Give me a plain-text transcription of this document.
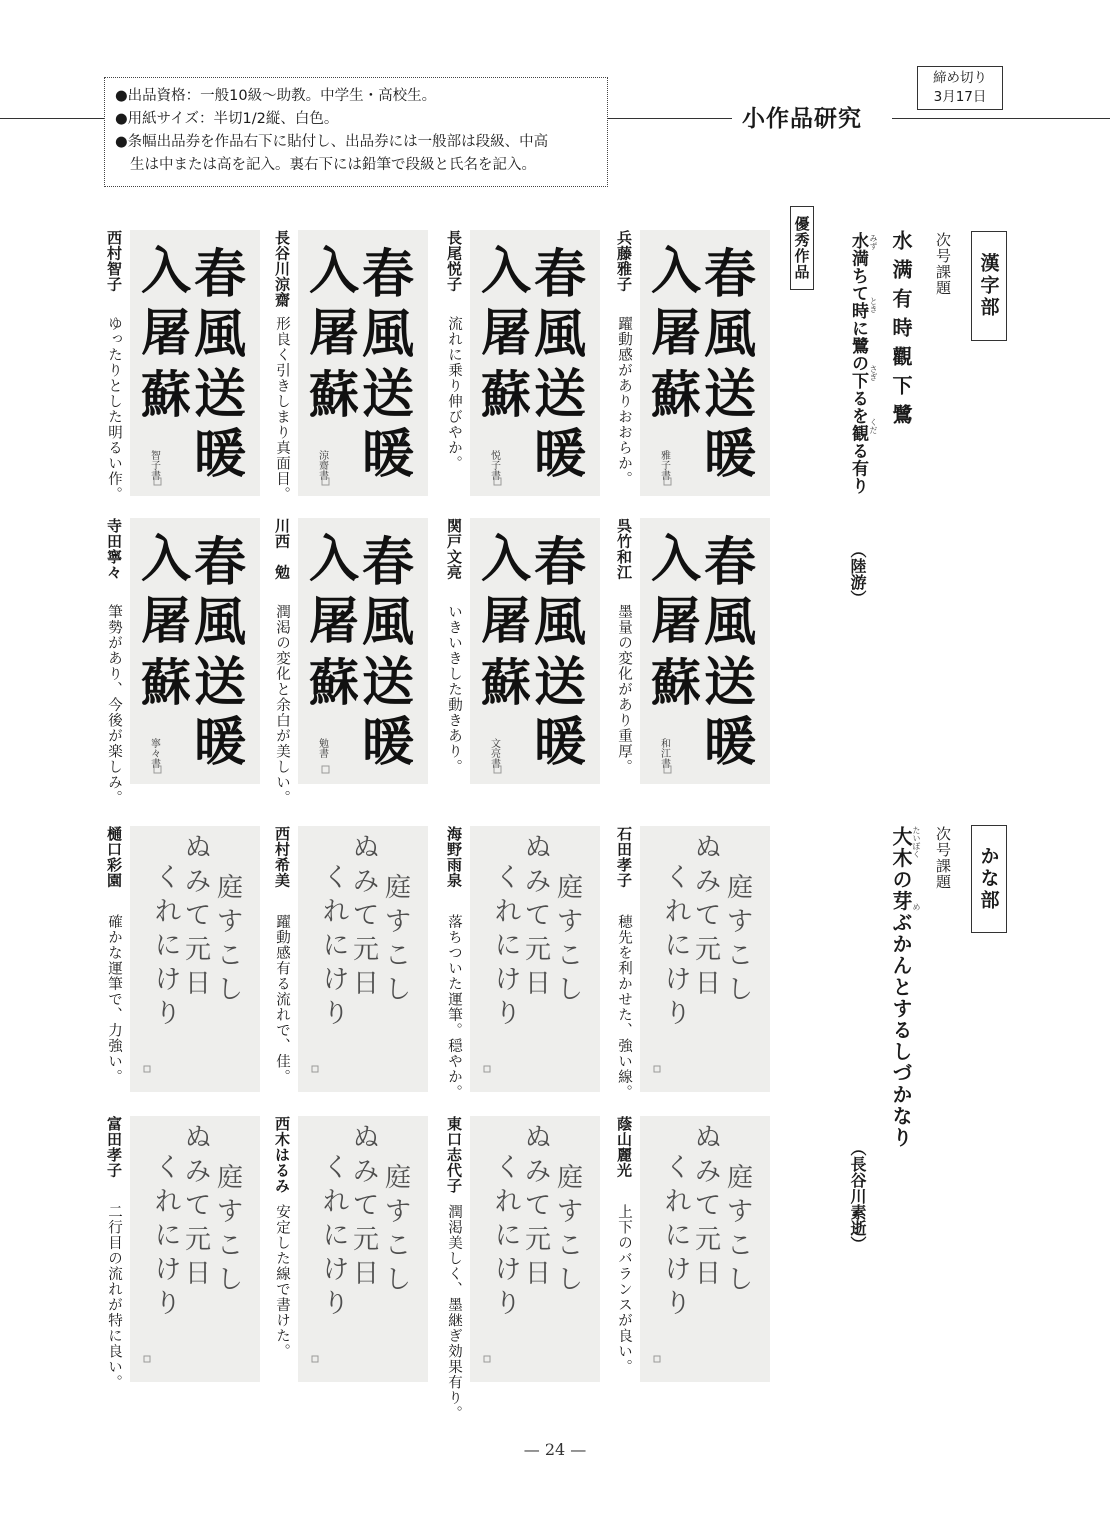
●出品資格：一般10級～助教。中学生・高校生。

●用紙サイズ：半切1/2縦、白色。

●条幅出品券を作品右下に貼付し、出品券には一般部は段級、中高

生は中または高を記入。裏右下には鉛筆で段級と氏名を記入。

小作品研究
締め切り
3月17日
漢字部
次号課題
水满有時觀下鷺
水満ちて時に鷺の下るを観る有り
（陸游）
みず
とき
さぎ
くだ
優秀作品
かな部
次号課題
大木の芽ぶかんとするしづかなり たいぼく
め
（長谷川素逝）
春
風
送
暖
入
屠
蘇
雅子書
兵藤雅子
躍動感がありおおらか。
春
風
送
暖
入
屠
蘇
悦子書
長尾悦子
流れに乗り伸びやか。
春
風
送
暖
入
屠
蘇
涼齋書
長谷川涼齋
形良く引きしまり真面目。
春
風
送
暖
入
屠
蘇
智子書
西村智子
ゆったりとした明るい作。
春
風
送
暖
入
屠
蘇
和江書
呉竹和江
墨量の変化があり重厚。
春
風
送
暖
入
屠
蘇
文亮書
関戸文亮
いきいきした動きあり。
春
風
送
暖
入
屠
蘇
勉書
川西　勉
潤渇の変化と余白が美しい。
春
風
送
暖
入
屠
蘇
寧々書
寺田寧々
筆勢があり、今後が楽しみ。
庭
す
こ
し
ぬ
み
て
元
日
く
れ
に
け
り
石田孝子
穂先を利かせた、強い線。
庭
す
こ
し
ぬ
み
て
元
日
く
れ
に
け
り
海野雨泉
落ちついた運筆。穏やか。
庭
す
こ
し
ぬ
み
て
元
日
く
れ
に
け
り
西村希美
躍動感有る流れで、佳。
庭
す
こ
し
ぬ
み
て
元
日
く
れ
に
け
り
樋口彩園
確かな運筆で、力強い。
庭
す
こ
し
ぬ
み
て
元
日
く
れ
に
け
り
蔭山麗光
上下のバランスが良い。
庭
す
こ
し
ぬ
み
て
元
日
く
れ
に
け
り
東口志代子
潤渇美しく、墨継ぎ効果有り。
庭
す
こ
し
ぬ
み
て
元
日
く
れ
に
け
り
西木はるみ
安定した線で書けた。
庭
す
こ
し
ぬ
み
て
元
日
く
れ
に
け
り
富田孝子
二行目の流れが特に良い。
— 24 —
